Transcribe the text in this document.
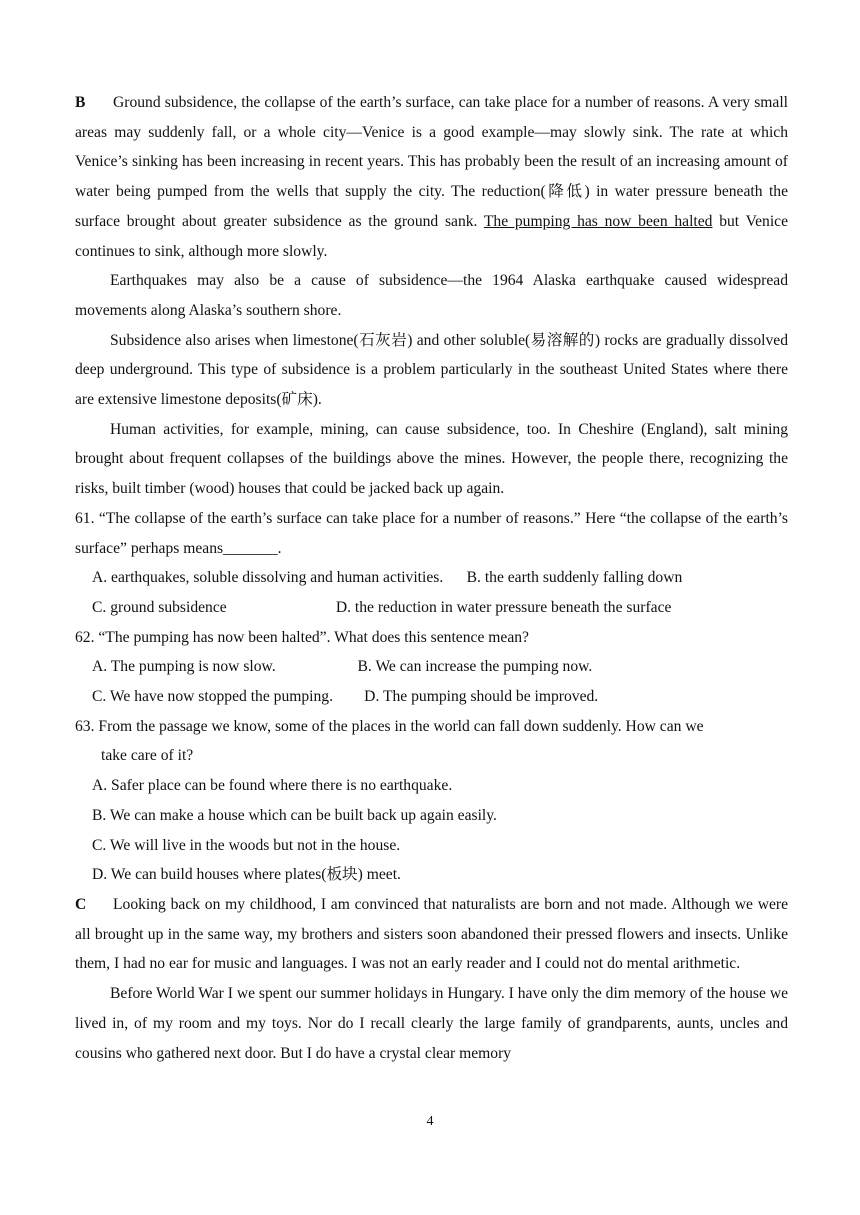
B Ground subsidence, the collapse of the earth’s surface, can take place for a number of reasons. A very small areas may suddenly fall, or a whole city—Venice is a good example—may slowly sink. The rate at which Venice’s sinking has been increasing in recent years. This has probably been the result of an increasing amount of water being pumped from the wells that supply the city. The reduction(降低) in water pressure beneath the surface brought about greater subsidence as the ground sank. The pumping has now been halted but Venice continues to sink, although more slowly.

Earthquakes may also be a cause of subsidence—the 1964 Alaska earthquake caused widespread movements along Alaska’s southern shore.

Subsidence also arises when limestone(石灰岩) and other soluble(易溶解的) rocks are gradually dissolved deep underground. This type of subsidence is a problem particularly in the southeast United States where there are extensive limestone deposits(矿床).

Human activities, for example, mining, can cause subsidence, too. In Cheshire (England), salt mining brought about frequent collapses of the buildings above the mines. However, the people there, recognizing the risks, built timber (wood) houses that could be jacked back up again.

61. “The collapse of the earth’s surface can take place for a number of reasons.” Here “the collapse of the earth’s surface” perhaps means_______.

A. earthquakes, soluble dissolving and human activities.      B. the earth suddenly falling down

C. ground subsidence                            D. the reduction in water pressure beneath the surface

62. “The pumping has now been halted”. What does this sentence mean?

A. The pumping is now slow.                     B. We can increase the pumping now.

C. We have now stopped the pumping.        D. The pumping should be improved.

63. From the passage we know, some of the places in the world can fall down suddenly. How can we

take care of it?

A. Safer place can be found where there is no earthquake.

B. We can make a house which can be built back up again easily.

C. We will live in the woods but not in the house.

D. We can build houses where plates(板块) meet.

C Looking back on my childhood, I am convinced that naturalists are born and not made. Although we were all brought up in the same way, my brothers and sisters soon abandoned their pressed flowers and insects. Unlike them, I had no ear for music and languages. I was not an early reader and I could not do mental arithmetic.

Before World War I we spent our summer holidays in Hungary. I have only the dim memory of the house we lived in, of my room and my toys. Nor do I recall clearly the large family of grandparents, aunts, uncles and cousins who gathered next door. But I do have a crystal clear memory

4
